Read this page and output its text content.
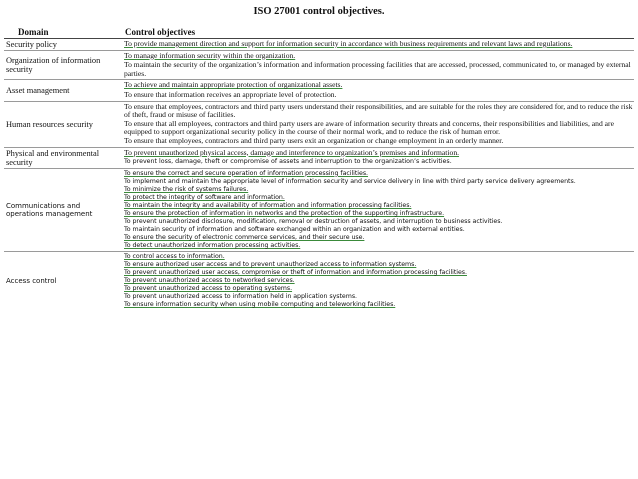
ISO 27001 control objectives.
Domain	Control objectives
Security policy	To provide management direction and support for information security in accordance with business requirements and relevant laws and regulations.

Organization of information security

To manage information security within the organization.

To maintain the security of the organization’s information and information processing facilities that are accessed, processed, communicated to, or managed by external parties.

Asset management

To achieve and maintain appropriate protection of organizational assets.

To ensure that information receives an appropriate level of protection.

Human resources security

To ensure that employees, contractors and third party users understand their responsibilities, and are suitable for the roles they are considered for, and to reduce the risk of theft, fraud or misuse of facilities.

To ensure that all employees, contractors and third party users are aware of information security threats and concerns, their responsibilities and liabilities, and are equipped to support organizational security policy in the course of their normal work, and to reduce the risk of human error.

To ensure that employees, contractors and third party users exit an organization or change employment in an orderly manner.

Physical and environmental security

To prevent unauthorized physical access, damage and interference to organization’s premises and information.

To prevent loss, damage, theft or compromise of assets and interruption to the organization’s activities.

Communications and operations management

To ensure the correct and secure operation of information processing facilities.

To implement and maintain the appropriate level of information security and service delivery in line with third party service delivery agreements.

To minimize the risk of systems failures.

To protect the integrity of software and information.

To maintain the integrity and availability of information and information processing facilities.

To ensure the protection of information in networks and the protection of the supporting infrastructure.

To prevent unauthorized disclosure, modification, removal or destruction of assets, and interruption to business activities.

To maintain security of information and software exchanged within an organization and with external entities.

To ensure the security of electronic commerce services, and their secure use.

To detect unauthorized information processing activities.

Access control

To control access to information.

To ensure authorized user access and to prevent unauthorized access to information systems.

To prevent unauthorized user access, compromise or theft of information and information processing facilities.

To prevent unauthorized access to networked services.

To prevent unauthorized access to operating systems.

To prevent unauthorized access to information held in application systems.

To ensure information security when using mobile computing and teleworking facilities.
